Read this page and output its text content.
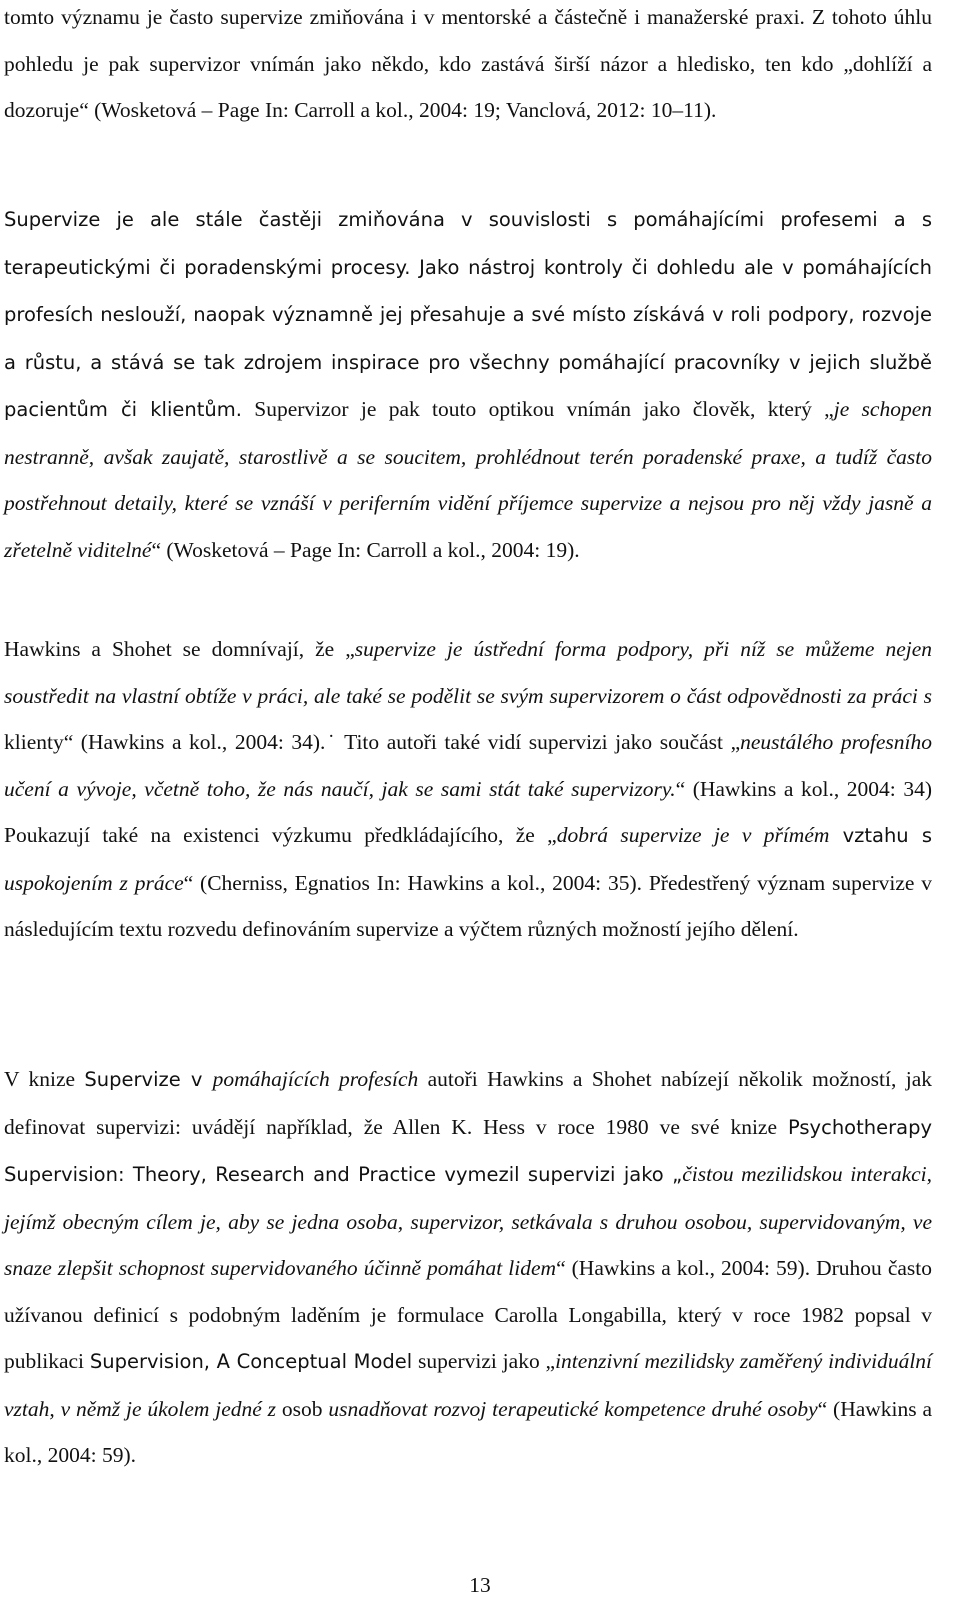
tomto významu je často supervize zmiňována i v mentorské a částečně i manažerské praxi. Z tohoto úhlu pohledu je pak supervizor vnímán jako někdo, kdo zastává širší názor a hledisko, ten kdo „dohlíží a dozoruje“ (Wosketová – Page In: Carroll a kol., 2004: 19; Vanclová, 2012: 10–11).

Supervize je ale stále častěji zmiňována v souvislosti s pomáhajícími profesemi a s terapeutickými či poradenskými procesy. Jako nástroj kontroly či dohledu ale v pomáhajících profesích neslouží, naopak významně jej přesahuje a své místo získává v roli podpory, rozvoje a růstu, a stává se tak zdrojem inspirace pro všechny pomáhající pracovníky v jejich službě pacientům či klientům. Supervizor je pak touto optikou vnímán jako člověk, který „je schopen nestranně, avšak zaujatě, starostlivě a se soucitem, prohlédnout terén poradenské praxe, a tudíž často postřehnout detaily, které se vznáší v periferním vidění příjemce supervize a nejsou pro něj vždy jasně a zřetelně viditelné“ (Wosketová – Page In: Carroll a kol., 2004: 19).

Hawkins a Shohet se domnívají, že „supervize je ústřední forma podpory, při níž se můžeme nejen soustředit na vlastní obtíže v práci, ale také se podělit se svým supervizorem o část odpovědnosti za práci s klienty“ (Hawkins a kol., 2004: 34).˙ Tito autoři také vidí supervizi jako součást „neustálého profesního učení a vývoje, včetně toho, že nás naučí, jak se sami stát také supervizory.“ (Hawkins a kol., 2004: 34) Poukazují také na existenci výzkumu předkládajícího, že „dobrá supervize je v přímém vztahu s uspokojením z práce“ (Cherniss, Egnatios In: Hawkins a kol., 2004: 35). Předestřený význam supervize v následujícím textu rozvedu definováním supervize a výčtem různých možností jejího dělení.

V knize Supervize v pomáhajících profesích autoři Hawkins a Shohet nabízejí několik možností, jak definovat supervizi: uvádějí například, že Allen K. Hess v roce 1980 ve své knize Psychotherapy Supervision: Theory, Research and Practice vymezil supervizi jako „čistou mezilidskou interakci, jejímž obecným cílem je, aby se jedna osoba, supervizor, setkávala s druhou osobou, supervidovaným, ve snaze zlepšit schopnost supervidovaného účinně pomáhat lidem“ (Hawkins a kol., 2004: 59). Druhou často užívanou definicí s podobným laděním je formulace Carolla Longabilla, který v roce 1982 popsal v publikaci Supervision, A Conceptual Model supervizi jako „intenzivní mezilidsky zaměřený individuální vztah, v němž je úkolem jedné z osob usnadňovat rozvoj terapeutické kompetence druhé osoby“ (Hawkins a kol., 2004: 59).

13
